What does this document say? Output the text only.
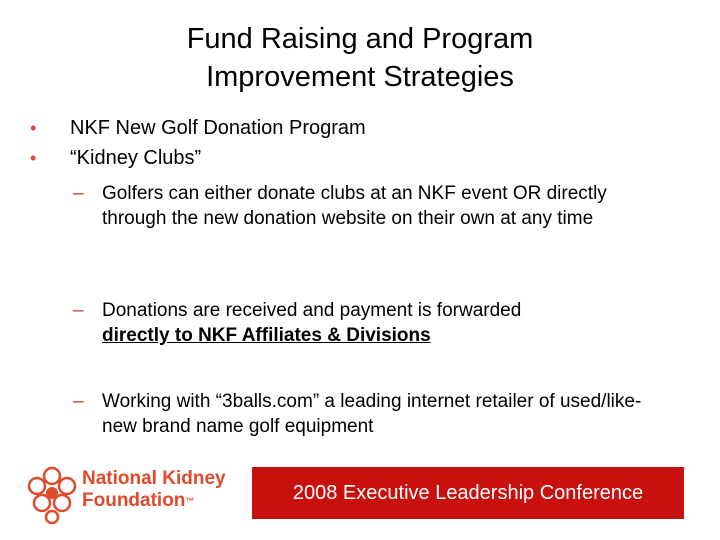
Fund Raising and Program
Improvement Strategies
• NKF New Golf Donation Program
• “Kidney Clubs”
– Golfers can either donate clubs at an NKF event OR directly through the new donation website on their own at any time
– Donations are received and payment is forwarded
directly to NKF Affiliates & Divisions
– Working with “3balls.com” a leading internet retailer of used/like-new brand name golf equipment
National Kidney
Foundation™	2008 Executive Leadership Conference
